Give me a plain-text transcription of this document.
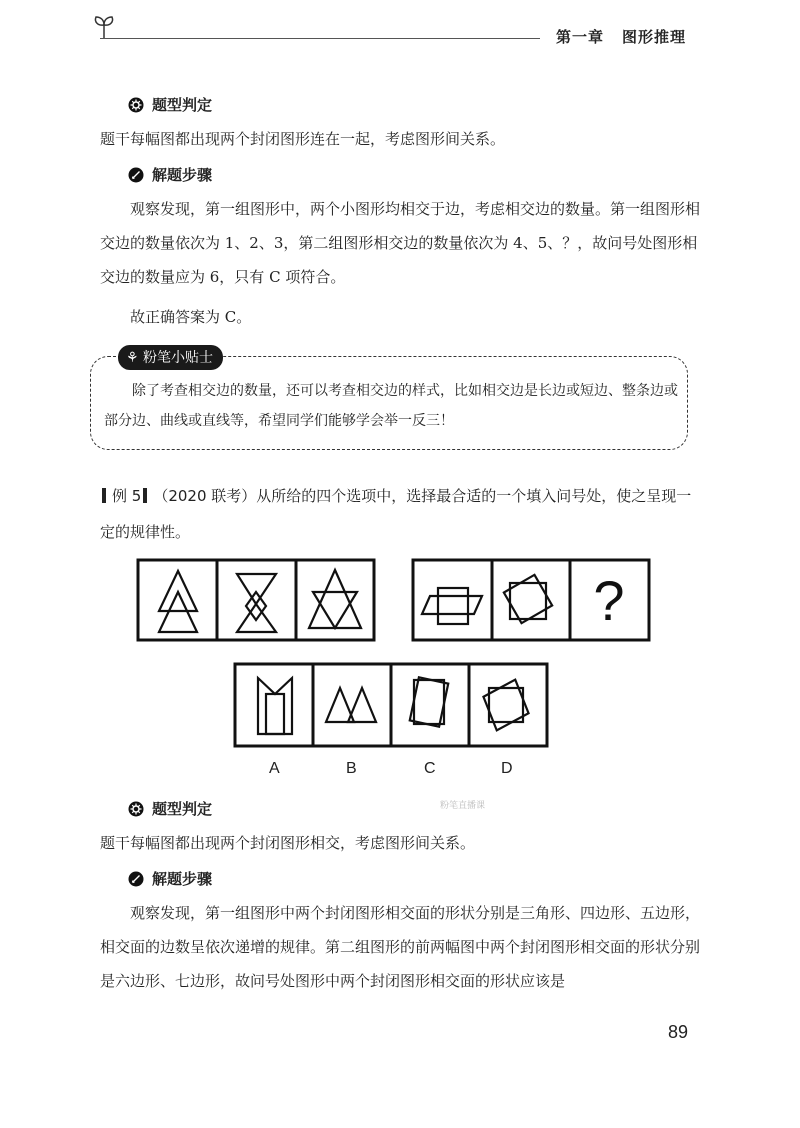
第一章 图形推理
题型判定
题干每幅图都出现两个封闭图形连在一起，考虑图形间关系。
解题步骤
观察发现，第一组图形中，两个小图形均相交于边，考虑相交边的数量。第一组图形相交边的数量依次为 1、2、3，第二组图形相交边的数量依次为 4、5、？，故问号处图形相交边的数量应为 6，只有 C 项符合。
故正确答案为 C。
⚘ 粉笔小贴士
除了考查相交边的数量，还可以考查相交边的样式，比如相交边是长边或短边、整条边或部分边、曲线或直线等，希望同学们能够学会举一反三！
例 5 （2020 联考）从所给的四个选项中，选择最合适的一个填入问号处，使之呈现一定的规律性。
?
A	B	C	D
粉笔直播课
题型判定
题干每幅图都出现两个封闭图形相交，考虑图形间关系。
解题步骤
观察发现，第一组图形中两个封闭图形相交面的形状分别是三角形、四边形、五边形，相交面的边数呈依次递增的规律。第二组图形的前两幅图中两个封闭图形相交面的形状分别是六边形、七边形，故问号处图形中两个封闭图形相交面的形状应该是
89
